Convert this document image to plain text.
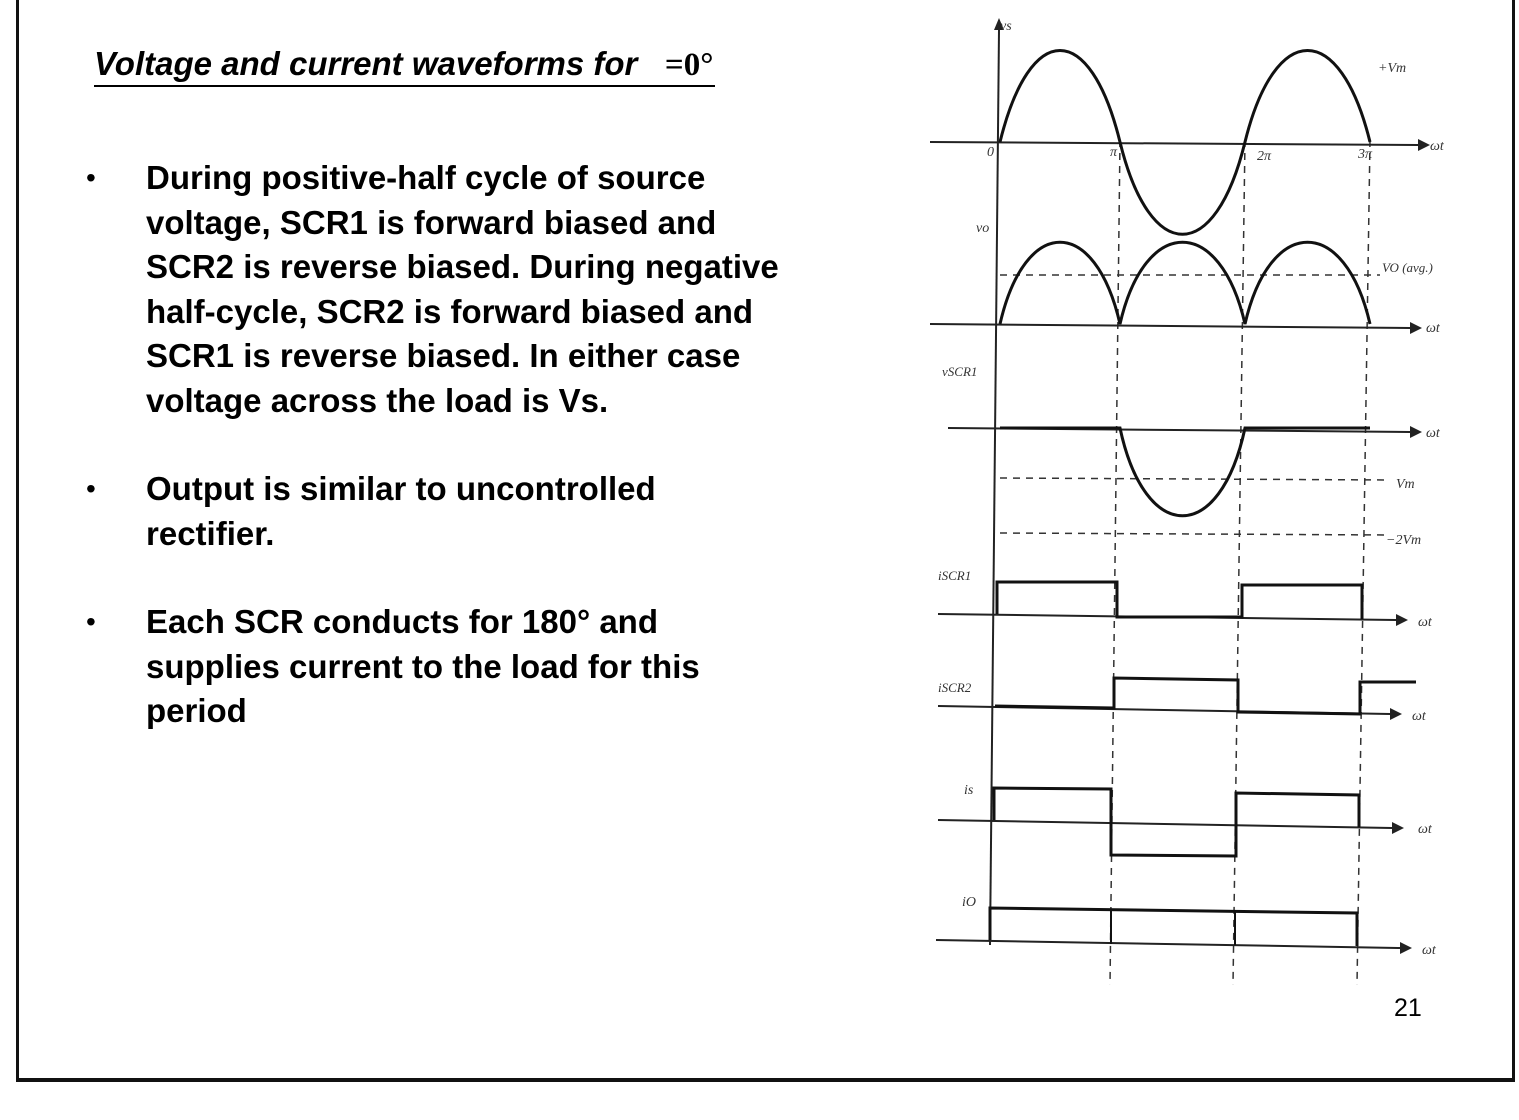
Voltage and current waveforms for =0°
• During positive-half cycle of source voltage, SCR1 is forward biased and SCR2 is reverse biased. During negative half-cycle, SCR2 is forward biased and SCR1 is reverse biased. In either case voltage across the load is Vs.
• Output is similar to uncontrolled rectifier.
• Each SCR conducts for 180° and supplies current to the load for this period
21
vs
+Vm
0	π	2π	3π
ωt
vo
VO (avg.)
ωt
vSCR1
Vm
−2Vm
ωt
iSCR1
ωt
iSCR2
ωt
is
ωt
iO
ωt
